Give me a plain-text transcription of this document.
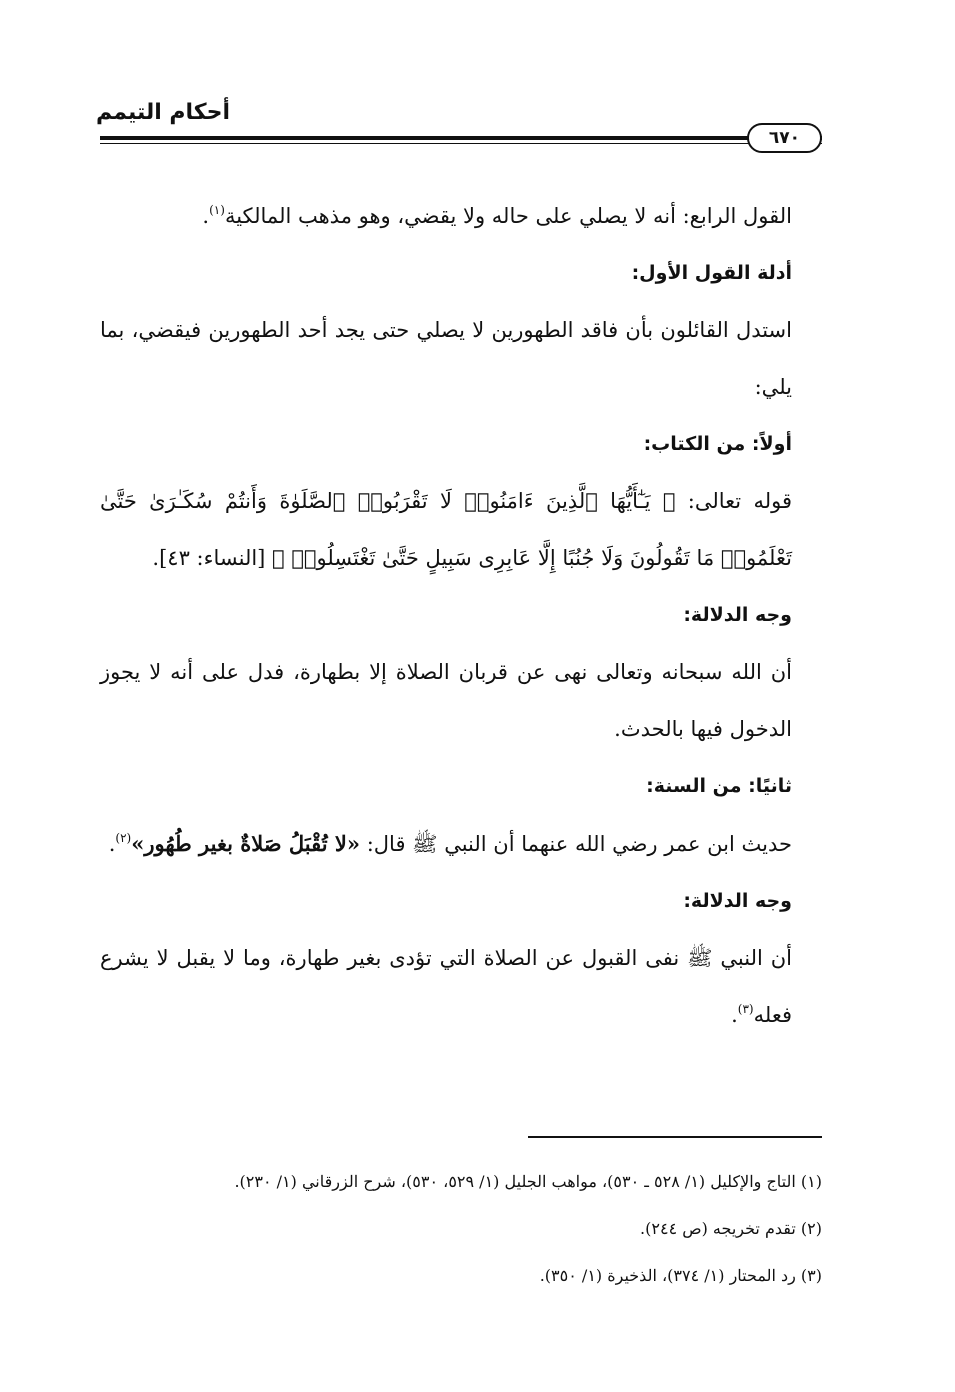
أحكام التيمم
٦٧٠

القول الرابع: أنه لا يصلي على حاله ولا يقضي، وهو مذهب المالكية$^{(١)}$.

أدلة القول الأول:

استدل القائلون بأن فاقد الطهورين لا يصلي حتى يجد أحد الطهورين فيقضي، بما يلي:

أولاً: من الكتاب:

قوله تعالى: ﴿ يَـٰٓأَيُّهَا ٱلَّذِينَ ءَامَنُوا۟ لَا تَقْرَبُوا۟ ٱلصَّلَوٰةَ وَأَنتُمْ سُكَـٰرَىٰ حَتَّىٰ تَعْلَمُوا۟ مَا تَقُولُونَ وَلَا جُنُبًا إِلَّا عَابِرِى سَبِيلٍ حَتَّىٰ تَغْتَسِلُوا۟ ﴾ [النساء: ٤٣].

وجه الدلالة:

أن الله سبحانه وتعالى نهى عن قربان الصلاة إلا بطهارة، فدل على أنه لا يجوز الدخول فيها بالحدث.

ثانيًا: من السنة:

حديث ابن عمر رضي الله عنهما أن النبي ﷺ قال: «لا تُقْبَلُ صَلاةٌ بغير طُهُور»$^{(٢)}$.

وجه الدلالة:

أن النبي ﷺ نفى القبول عن الصلاة التي تؤدى بغير طهارة، وما لا يقبل لا يشرع فعله$^{(٣)}$.

(١) التاج والإكليل (١/ ٥٢٨ ـ ٥٣٠)، مواهب الجليل (١/ ٥٢٩، ٥٣٠)، شرح الزرقاني (١/ ٢٣٠).

(٢) تقدم تخريجه (ص ٢٤٤).

(٣) رد المحتار (١/ ٣٧٤)، الذخيرة (١/ ٣٥٠).
